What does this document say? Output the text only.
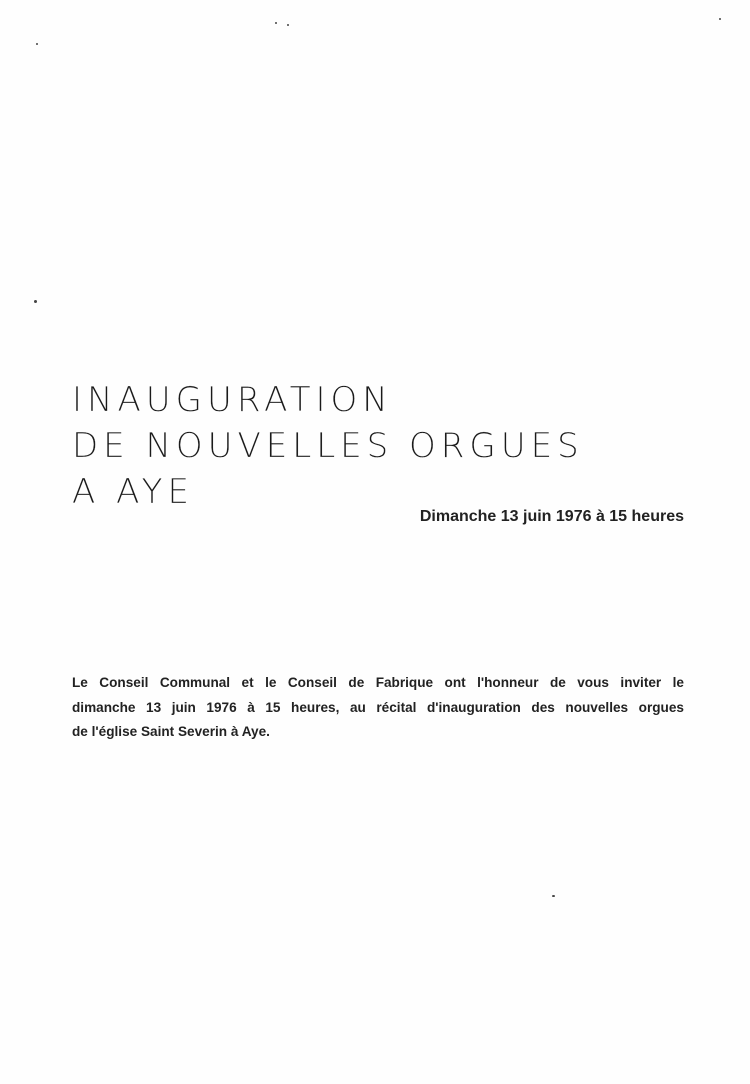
INAUGURATION
DE NOUVELLES ORGUES
A AYE
Dimanche 13 juin 1976 à 15 heures
Le Conseil Communal et le Conseil de Fabrique ont l'honneur de vous inviter le
dimanche 13 juin 1976 à 15 heures, au récital d'inauguration des nouvelles orgues
de l'église Saint Severin à Aye.
